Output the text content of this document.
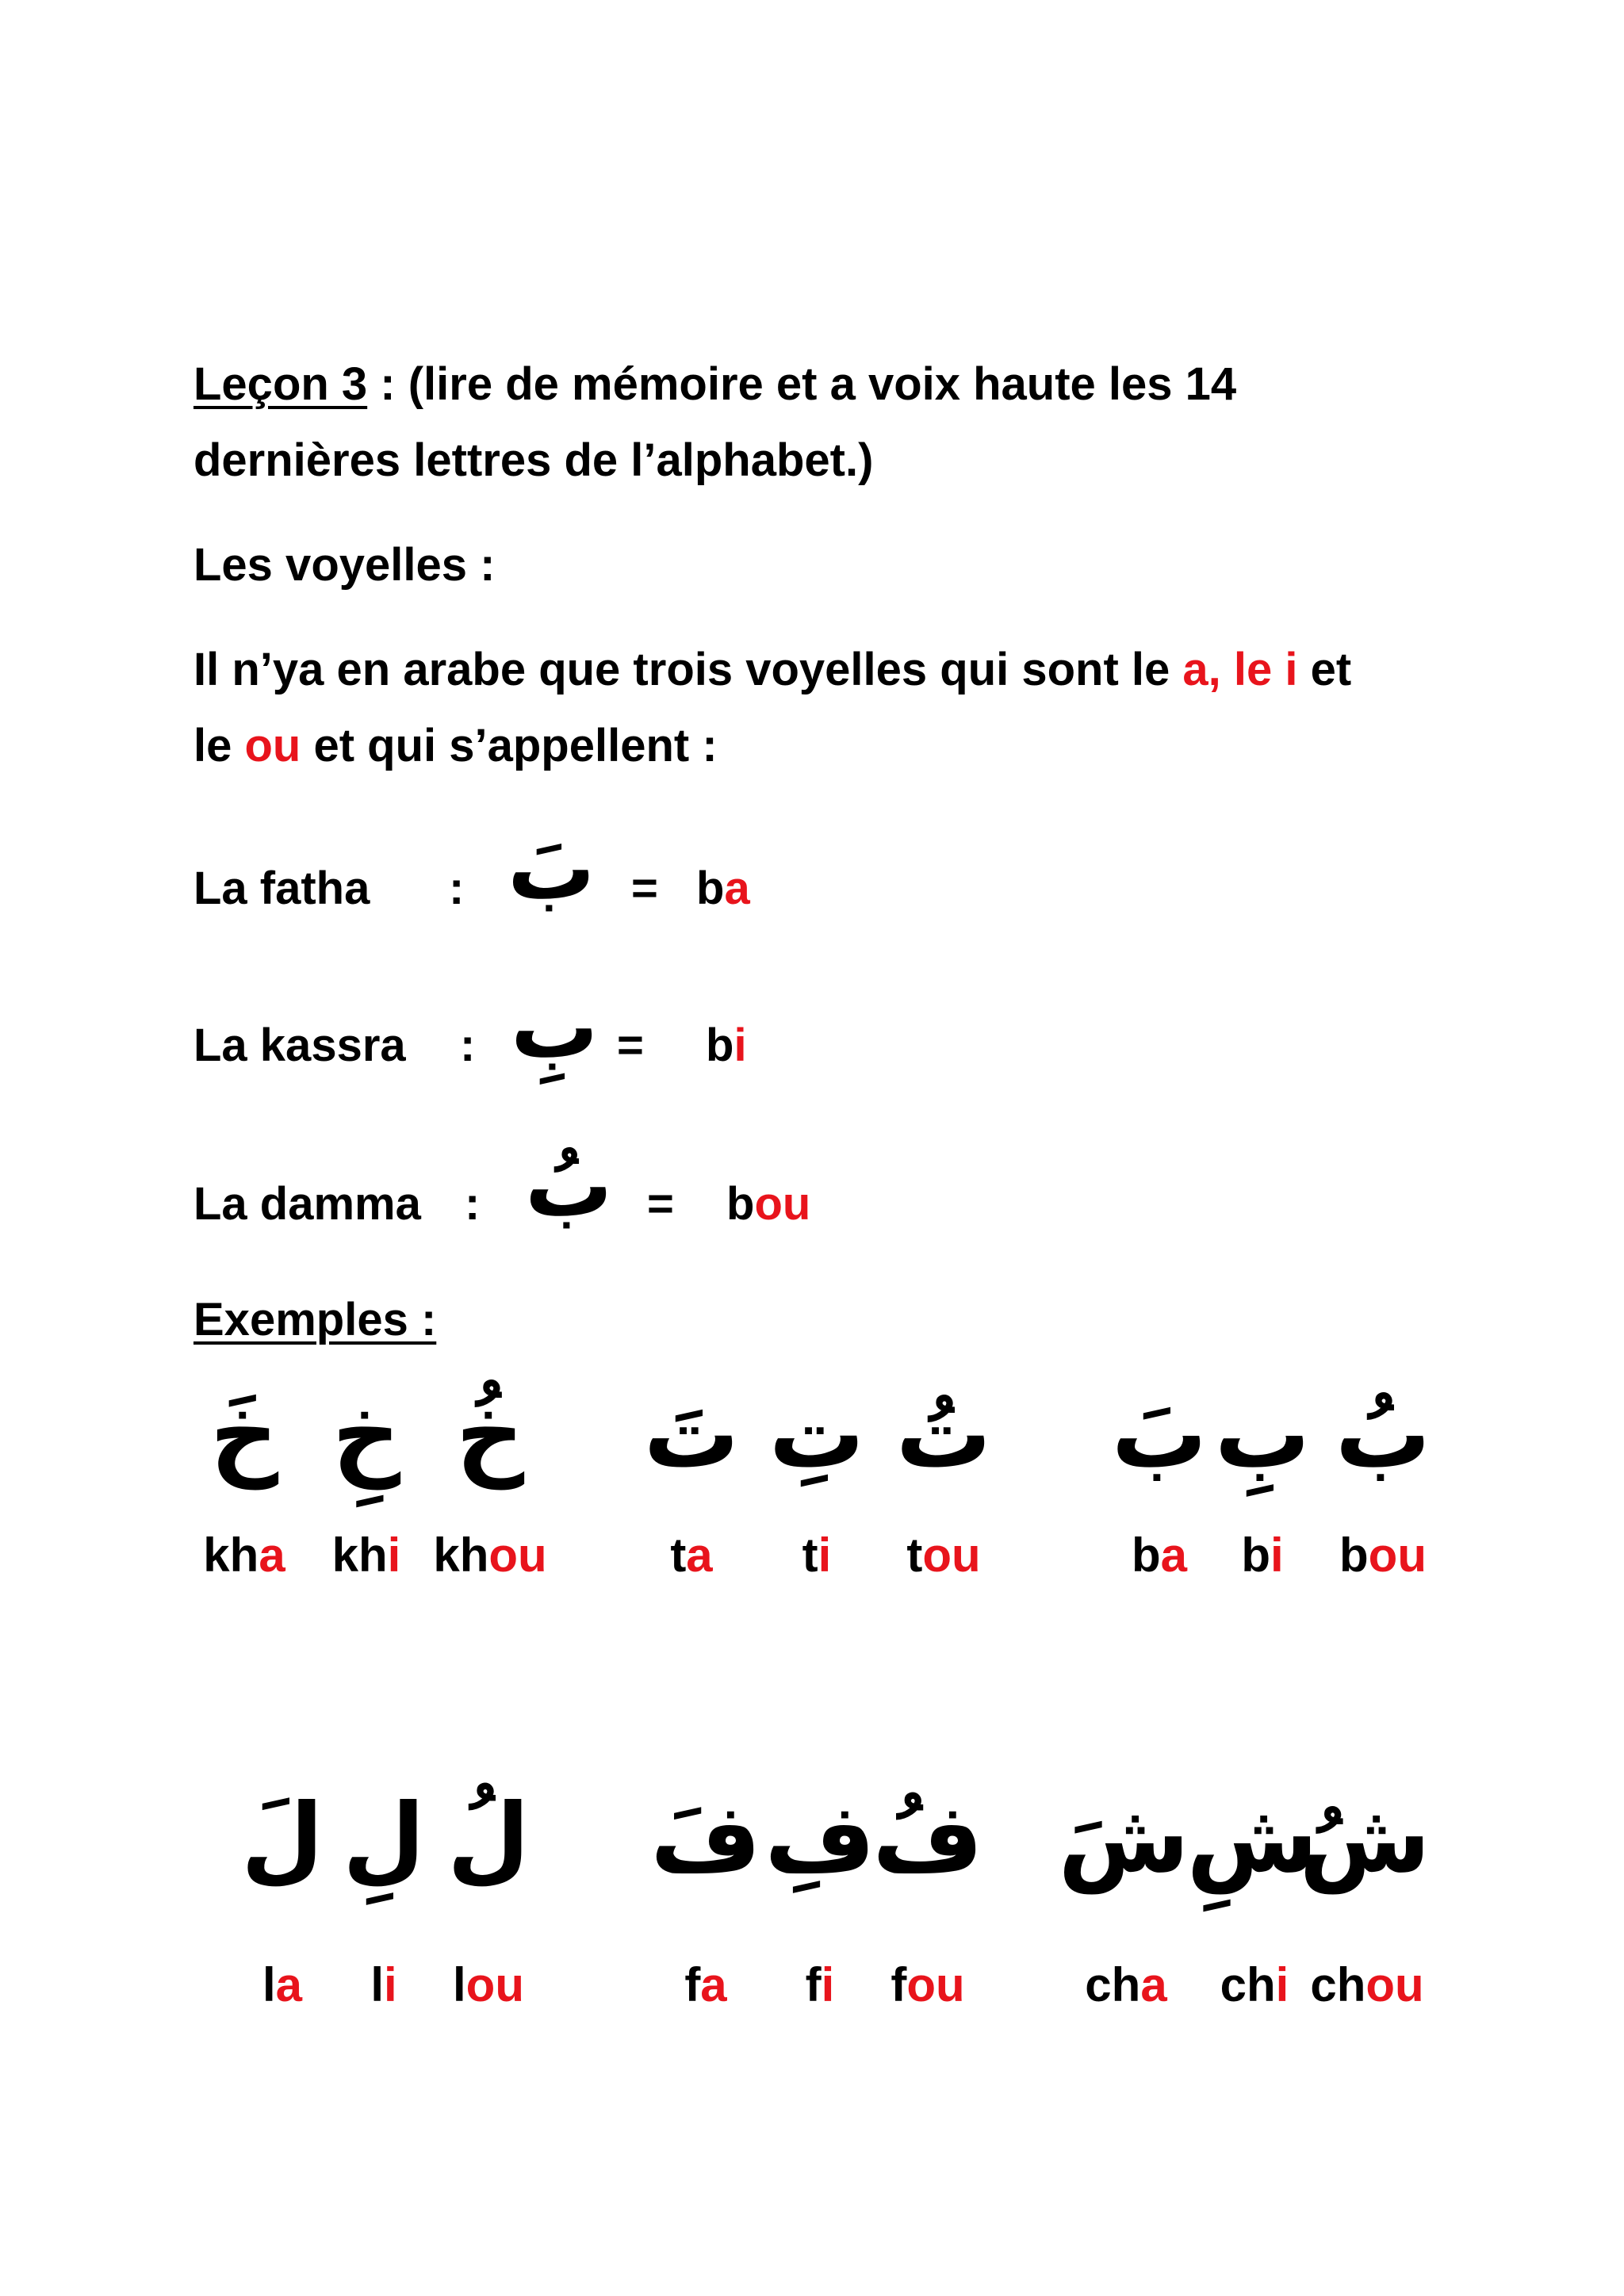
Leçon 3 : (lire de mémoire et a voix haute les 14
dernières lettres de l’alphabet.)
Les voyelles :
Il n’ya en arabe que trois voyelles qui sont le a, le i et
le ou et qui s’appellent :
La fatha : بَ = ba
La kassra : بِ = bi
La damma : بُ = bou
Exemples :
خَ
kha
خِ
khi
خُ
khou
تَ
ta
تِ
ti
تُ
tou
بَ
ba
بِ
bi
بُ
bou
لَ
la
لِ
li
لُ
lou
فَ
fa
فِ
fi
فُ
fou
شَ
cha
شِ
chi
شُ
chou
